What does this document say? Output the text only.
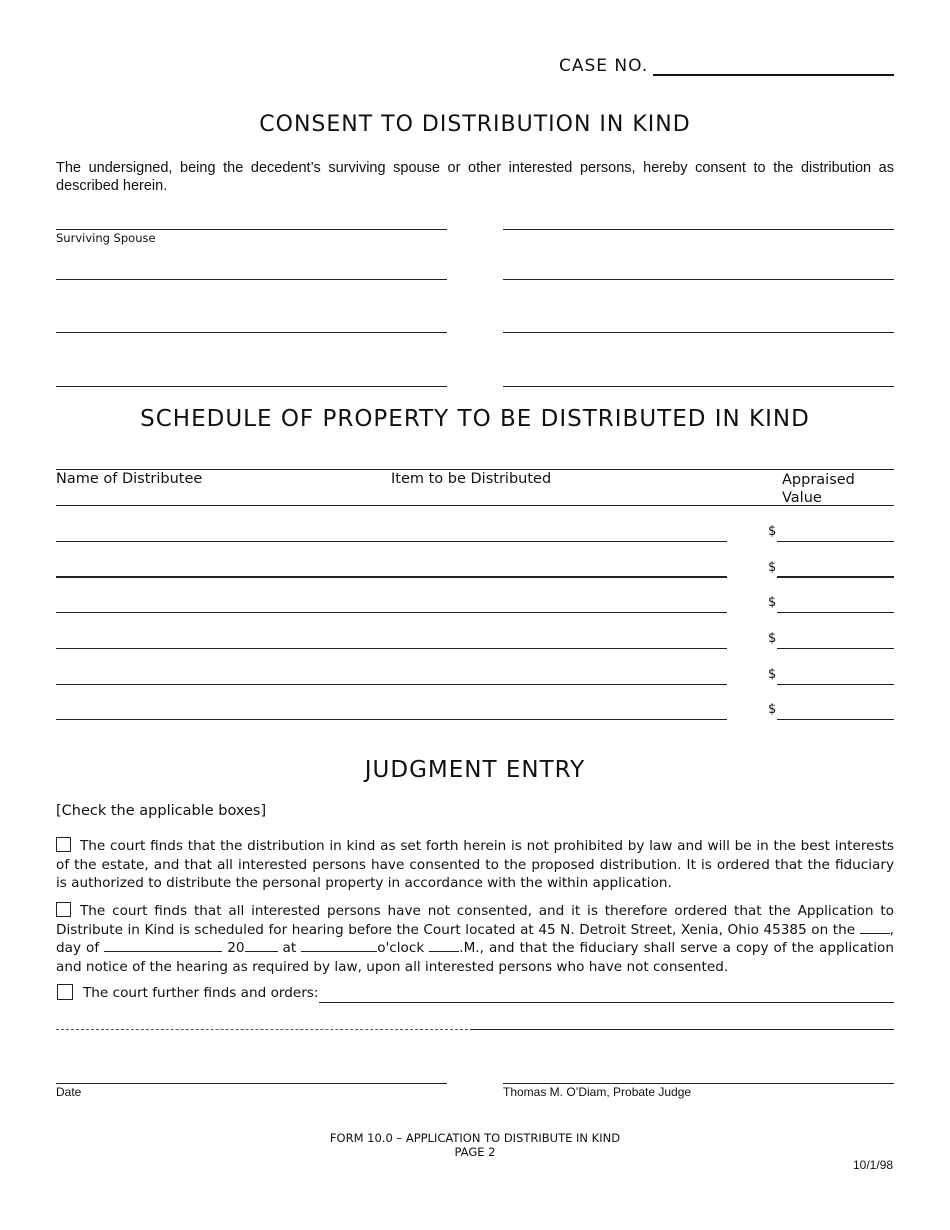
CASE NO.
CONSENT TO DISTRIBUTION IN KIND
The undersigned, being the decedent’s surviving spouse or other interested persons, hereby consent to the distribution as described herein.
Surviving Spouse
SCHEDULE OF PROPERTY TO BE DISTRIBUTED IN KIND
Name of Distributee	Item to be Distributed	Appraised
Value
$
$
$
$
$
$
JUDGMENT ENTRY
[Check the applicable boxes]
The court finds that the distribution in kind as set forth herein is not prohibited by law and will be in the best interests of the estate, and that all interested persons have consented to the proposed distribution. It is ordered that the fiduciary is authorized to distribute the personal property in accordance with the within application.
The court finds that all interested persons have not consented, and it is therefore ordered that the Application to Distribute in Kind is scheduled for hearing before the Court located at 45 N. Detroit Street, Xenia, Ohio 45385 on the	, day of	20	at	o'clock	.M., and that the fiduciary shall serve a copy of the application and notice of the hearing as required by law, upon all interested persons who have not consented.
The court further finds and orders:
Date	Thomas M. O’Diam, Probate Judge
FORM 10.0 – APPLICATION TO DISTRIBUTE IN KIND
PAGE 2
10/1/98
